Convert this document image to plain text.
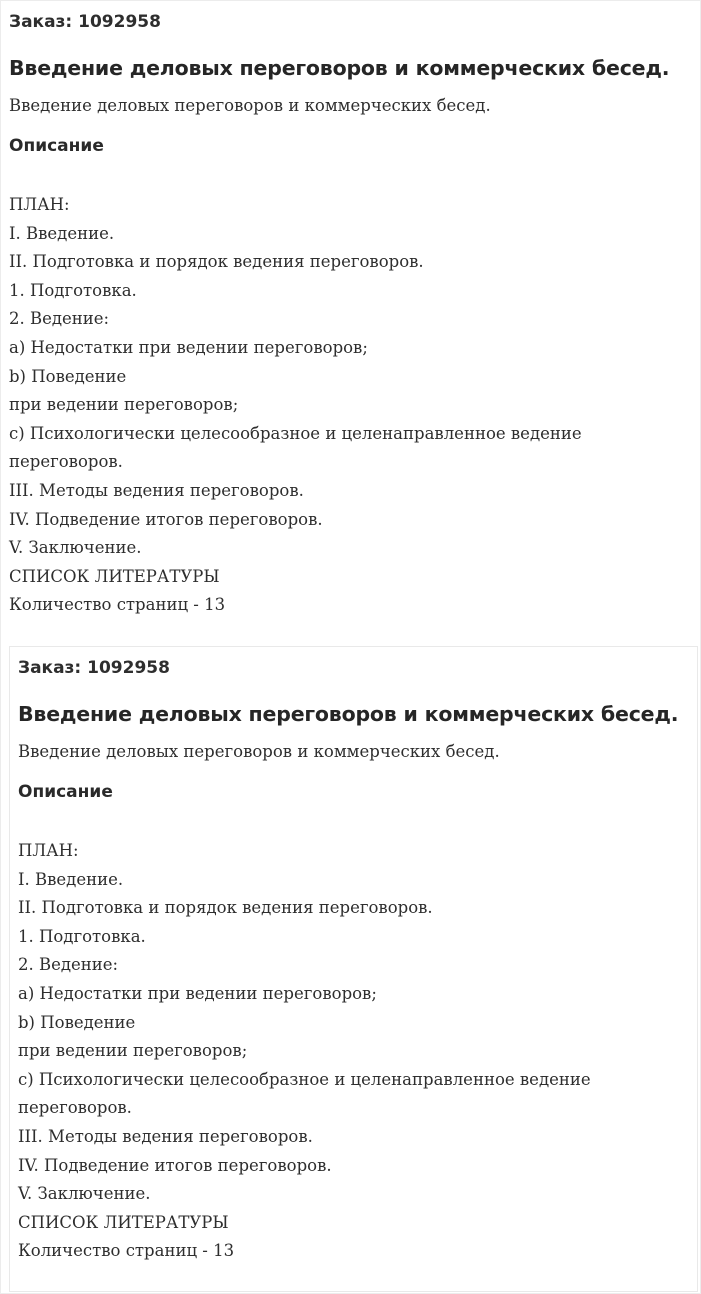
Заказ: 1092958
Введение деловых переговоров и коммерческих бесед.
Введение деловых переговоров и коммерческих бесед.
Описание
ПЛАН:
I. Введение.
II. Подготовка и порядок ведения переговоров.
1. Подготовка.
2. Ведение:
a) Недостатки при ведении переговоров;
b) Поведение
при ведении переговоров;
c) Психологически целесообразное и целенаправленное ведение переговоров.
III. Методы ведения переговоров.
IV. Подведение итогов переговоров.
V. Заключение.
СПИСОК ЛИТЕРАТУРЫ
Количество страниц - 13
Заказ: 1092958
Введение деловых переговоров и коммерческих бесед.
Введение деловых переговоров и коммерческих бесед.
Описание
ПЛАН:
I. Введение.
II. Подготовка и порядок ведения переговоров.
1. Подготовка.
2. Ведение:
a) Недостатки при ведении переговоров;
b) Поведение
при ведении переговоров;
c) Психологически целесообразное и целенаправленное ведение переговоров.
III. Методы ведения переговоров.
IV. Подведение итогов переговоров.
V. Заключение.
СПИСОК ЛИТЕРАТУРЫ
Количество страниц - 13
